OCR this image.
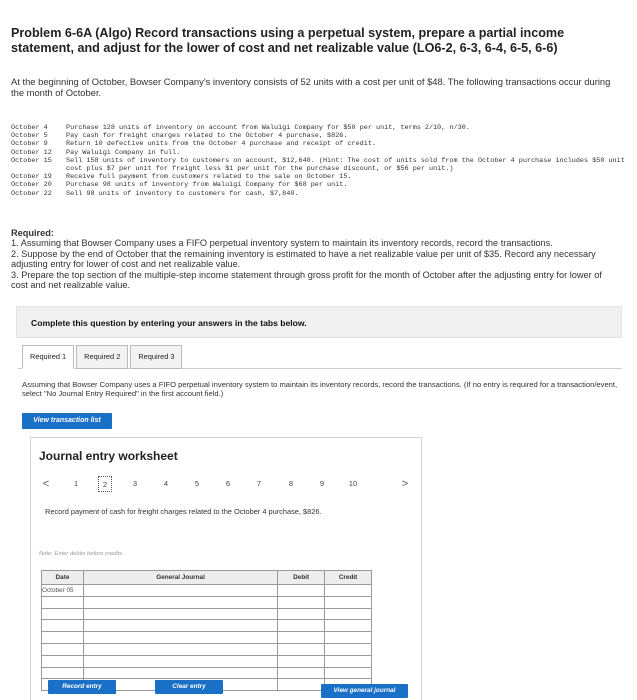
Problem 6-6A (Algo) Record transactions using a perpetual system, prepare a partial income statement, and adjust for the lower of cost and net realizable value (LO6-2, 6-3, 6-4, 6-5, 6-6)
At the beginning of October, Bowser Company's inventory consists of 52 units with a cost per unit of $48. The following transactions occur during the month of October.
October 4	Purchase 128 units of inventory on account from Waluigi Company for $50 per unit, terms 2/10, n/30.
October 5	Pay cash for freight charges related to the October 4 purchase, $826.
October 9	Return 10 defective units from the October 4 purchase and receipt of credit.
October 12	Pay Waluigi Company in full.
October 15	Sell 158 units of inventory to customers on account, $12,640. (Hint: The cost of units sold from the October 4 purchase includes $50 unit cost plus $7 per unit for freight less $1 per unit for the purchase discount, or $56 per unit.)
October 19	Receive full payment from customers related to the sale on October 15.
October 20	Purchase 98 units of inventory from Waluigi Company for $68 per unit.
October 22	Sell 98 units of inventory to customers for cash, $7,840.
Required:
1. Assuming that Bowser Company uses a FIFO perpetual inventory system to maintain its inventory records, record the transactions.
2. Suppose by the end of October that the remaining inventory is estimated to have a net realizable value per unit of $35. Record any necessary adjusting entry for lower of cost and net realizable value.
3. Prepare the top section of the multiple-step income statement through gross profit for the month of October after the adjusting entry for lower of cost and net realizable value.
Complete this question by entering your answers in the tabs below.
Required 1	Required 2	Required 3
Assuming that Bowser Company uses a FIFO perpetual inventory system to maintain its inventory records, record the transactions. (If no entry is required for a transaction/event, select "No Journal Entry Required" in the first account field.)
View transaction list
Journal entry worksheet
<	1	2	3	4	5	6	7	8	9	10	>
Record payment of cash for freight charges related to the October 4 purchase, $826.
Note: Enter debits before credits.
Date	General Journal	Debit	Credit
October 05			

Record entry	Clear entry
View general journal
